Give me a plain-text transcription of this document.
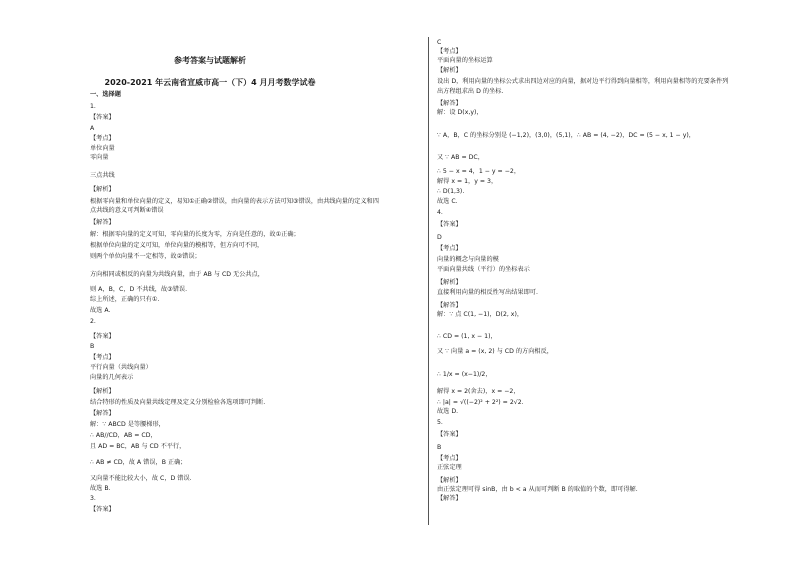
参考答案与试题解析
2020-2021 年云南省宣威市高一（下）4 月月考数学试卷
一、选择题
1.
【答案】
A
【考点】
单位向量
零向量
三点共线
【解析】
根据零向量和单位向量的定义，易知①正确②错误，由向量的表示方法可知③错误，由共线向量的定义和四
点共线的意义可判断④错误
【解答】
解：根据零向量的定义可知，零向量的长度为零，方向是任意的，故①正确；
根据单位向量的定义可知，单位向量的模相等，但方向可不同，
则两个单位向量不一定相等，故②错误；
方向相同或相反的向量为共线向量，由于 AB 与 CD 无公共点，
则 A，B，C，D 不共线，故③错误.
综上所述，正确的只有①.
故选 A.
2.
【答案】
B
【考点】
平行向量（共线向量）
向量的几何表示
【解析】
结合特形的性质及向量共线定理及定义分别检验各选项即可判断.
【解答】
解：∵ ABCD 是等腰梯形，
∴ AB//CD，AB = CD，
且 AD = BC，AB 与 CD 不平行，
∴ AB ≠ CD，故 A 错误，B 正确；
又向量不能比较大小，故 C，D 错误.
故选 B.
3.
【答案】
C
【考点】
平面向量的坐标运算
【解析】
设出 D，利用向量的坐标公式求出四边对应的向量，据对边平行得到向量相等，利用向量相等的充要条件列
出方程组求出 D 的坐标.
【解答】
解：设 D(x,y)，
∵ A，B，C 的坐标分别是 (−1,2)，(3,0)，(5,1)，∴ AB = (4, −2)，DC = (5 − x, 1 − y)，
又 ∵ AB = DC，
∴ 5 − x = 4，1 − y = −2，
解得 x = 1，y = 3，
∴ D(1,3).
故选 C.
4.
【答案】
D
【考点】
向量的概念与向量的模
平面向量共线（平行）的坐标表示
【解析】
直接利用向量的相反性写出结果即可.
【解答】
解：∵ 点 C(1, −1)，D(2, x)，
∴ CD = (1, x − 1)，
又 ∵ 向量 a = (x, 2) 与 CD 的方向相反，
∴ 1/x = (x−1)/2，
解得 x = 2(舍去)，x = −2，
∴ |a| = √((−2)² + 2²) = 2√2.
故选 D.
5.
【答案】
B
【考点】
正弦定理
【解析】
由正弦定理可得 sinB，由 b < a 从而可判断 B 的取值的个数，即可得解.
【解答】
